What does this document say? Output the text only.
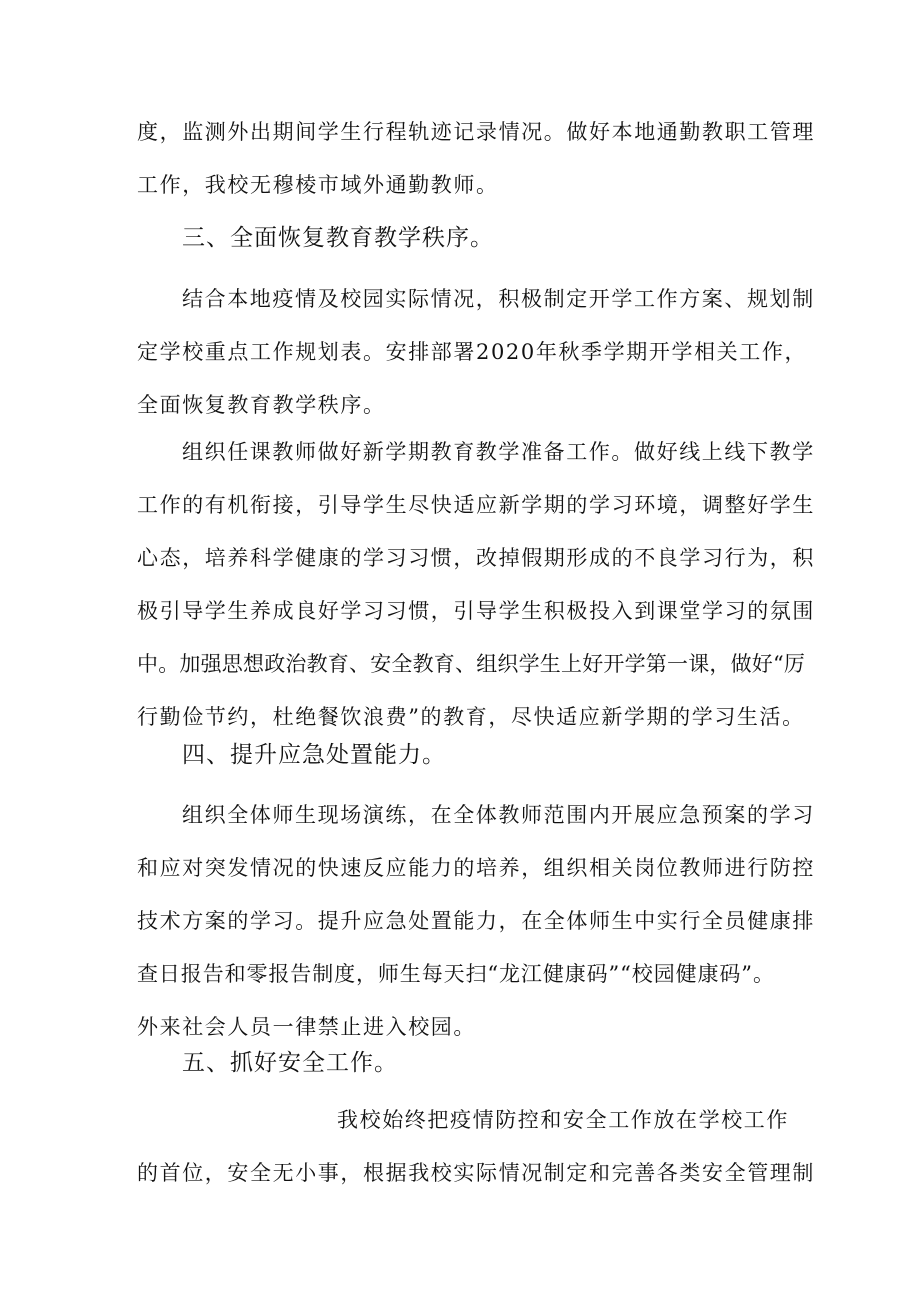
度，监测外出期间学生行程轨迹记录情况。做好本地通勤教职工管理
工作，我校无穆棱市域外通勤教师。

三、全面恢复教育教学秩序。

结合本地疫情及校园实际情况，积极制定开学工作方案、规划制
定学校重点工作规划表。安排部署2020年秋季学期开学相关工作，
全面恢复教育教学秩序。

组织任课教师做好新学期教育教学准备工作。做好线上线下教学
工作的有机衔接，引导学生尽快适应新学期的学习环境，调整好学生
心态，培养科学健康的学习习惯，改掉假期形成的不良学习行为，积
极引导学生养成良好学习习惯，引导学生积极投入到课堂学习的氛围
中。加强思想政治教育、安全教育、组织学生上好开学第一课，做好“厉
行勤俭节约，杜绝餐饮浪费”的教育，尽快适应新学期的学习生活。

四、提升应急处置能力。

组织全体师生现场演练，在全体教师范围内开展应急预案的学习
和应对突发情况的快速反应能力的培养，组织相关岗位教师进行防控
技术方案的学习。提升应急处置能力，在全体师生中实行全员健康排
查日报告和零报告制度，师生每天扫“龙江健康码”“校园健康码”。
外来社会人员一律禁止进入校园。

五、抓好安全工作。

我校始终把疫情防控和安全工作放在学校工作
的首位，安全无小事，根据我校实际情况制定和完善各类安全管理制
